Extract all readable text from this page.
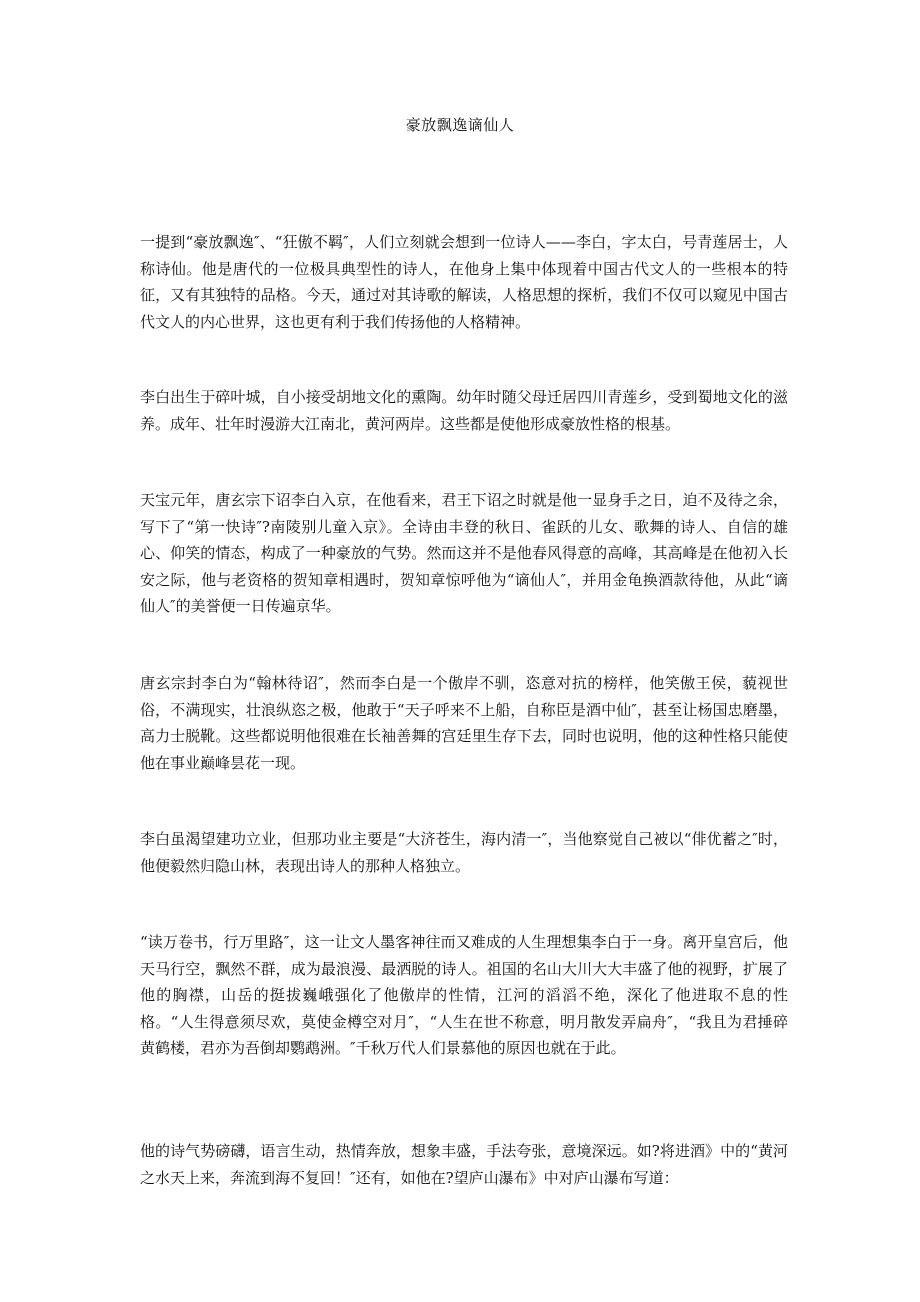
豪放飘逸谪仙人

一提到“豪放飘逸″、“狂傲不羁″，人们立刻就会想到一位诗人——李白，字太白，号青莲居士，人称诗仙。他是唐代的一位极具典型性的诗人，在他身上集中体现着中国古代文人的一些根本的特征，又有其独特的品格。今天，通过对其诗歌的解读，人格思想的探析，我们不仅可以窥见中国古代文人的内心世界，这也更有利于我们传扬他的人格精神。

李白出生于碎叶城，自小接受胡地文化的熏陶。幼年时随父母迁居四川青莲乡，受到蜀地文化的滋养。成年、壮年时漫游大江南北，黄河两岸。这些都是使他形成豪放性格的根基。

天宝元年，唐玄宗下诏李白入京，在他看来，君王下诏之时就是他一显身手之日，迫不及待之余，写下了“第一快诗″?南陵别儿童入京》。全诗由丰登的秋日、雀跃的儿女、歌舞的诗人、自信的雄心、仰笑的情态，构成了一种豪放的气势。然而这并不是他春风得意的高峰，其高峰是在他初入长安之际，他与老资格的贺知章相遇时，贺知章惊呼他为“谪仙人″，并用金龟换酒款待他，从此“谪仙人″的美誉便一日传遍京华。

唐玄宗封李白为“翰林待诏″，然而李白是一个傲岸不驯，恣意对抗的榜样，他笑傲王侯，藐视世俗，不满现实，壮浪纵恣之极，他敢于“天子呼来不上船，自称臣是酒中仙″，甚至让杨国忠磨墨，高力士脱靴。这些都说明他很难在长袖善舞的宫廷里生存下去，同时也说明，他的这种性格只能使他在事业巅峰昙花一现。

李白虽渴望建功立业，但那功业主要是“大济苍生，海内清一″，当他察觉自己被以“俳优蓄之″时，他便毅然归隐山林，表现出诗人的那种人格独立。

“读万卷书，行万里路″，这一让文人墨客神往而又难成的人生理想集李白于一身。离开皇宫后，他天马行空，飘然不群，成为最浪漫、最洒脱的诗人。祖国的名山大川大大丰盛了他的视野，扩展了他的胸襟，山岳的挺拔巍峨强化了他傲岸的性情，江河的滔滔不绝，深化了他进取不息的性格。“人生得意须尽欢，莫使金樽空对月″，“人生在世不称意，明月散发弄扁舟″，“我且为君捶碎黄鹤楼，君亦为吾倒却鹦鹉洲。″千秋万代人们景慕他的原因也就在于此。

他的诗气势磅礴，语言生动，热情奔放，想象丰盛，手法夸张，意境深远。如?将进酒》中的“黄河之水天上来，奔流到海不复回！″还有，如他在?望庐山瀑布》中对庐山瀑布写道：
